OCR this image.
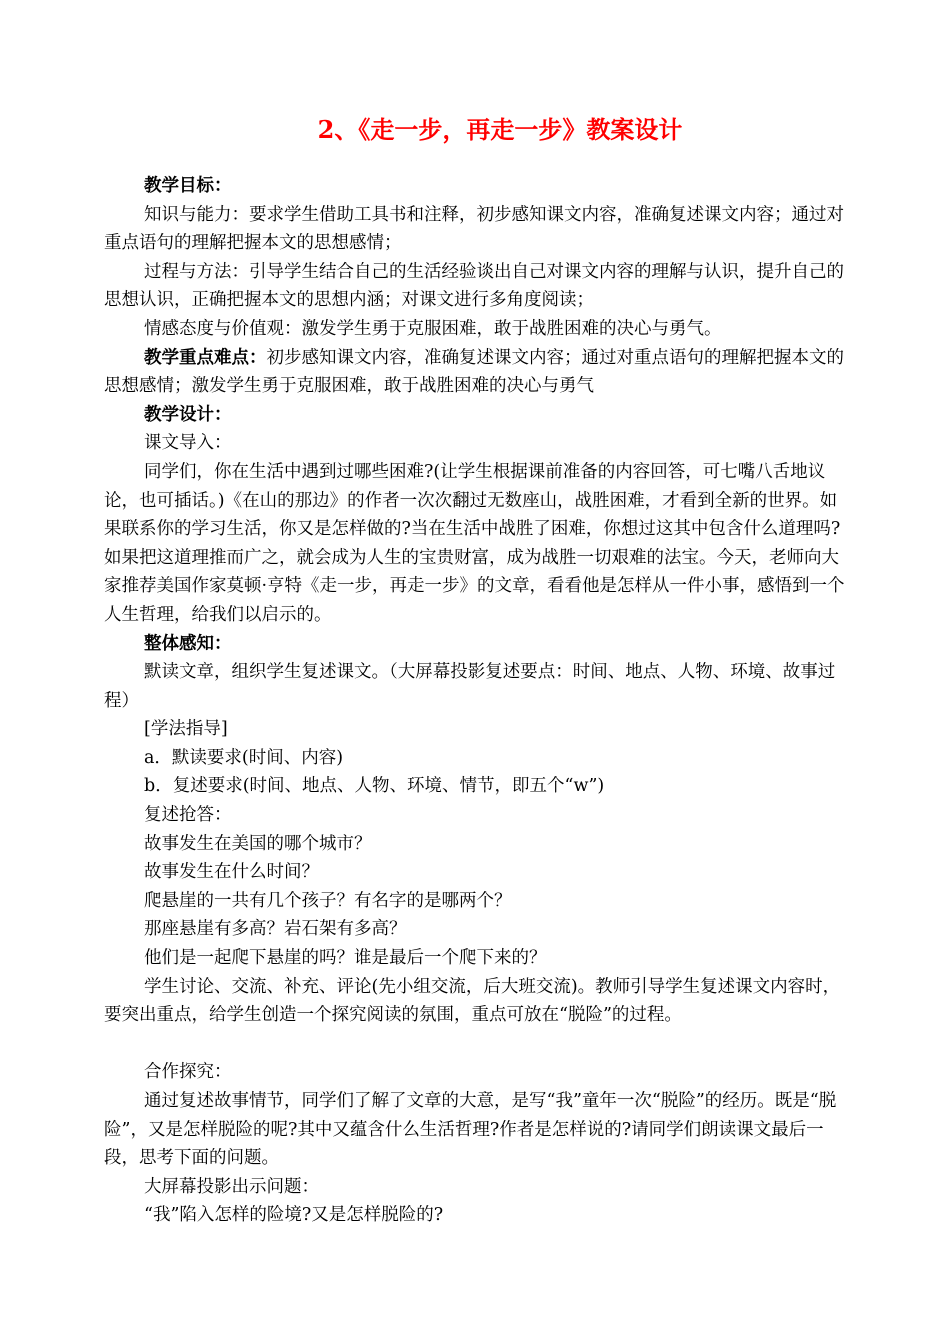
2、《走一步，再走一步》教案设计

教学目标：

知识与能力：要求学生借助工具书和注释，初步感知课文内容，准确复述课文内容；通过对重点语句的理解把握本文的思想感情；

过程与方法：引导学生结合自己的生活经验谈出自己对课文内容的理解与认识，提升自己的思想认识，正确把握本文的思想内涵；对课文进行多角度阅读；

情感态度与价值观：激发学生勇于克服困难，敢于战胜困难的决心与勇气。

教学重点难点：初步感知课文内容，准确复述课文内容；通过对重点语句的理解把握本文的思想感情；激发学生勇于克服困难，敢于战胜困难的决心与勇气

教学设计：

课文导入：

同学们，你在生活中遇到过哪些困难?(让学生根据课前准备的内容回答，可七嘴八舌地议论，也可插话。)《在山的那边》的作者一次次翻过无数座山，战胜困难，才看到全新的世界。如果联系你的学习生活，你又是怎样做的?当在生活中战胜了困难，你想过这其中包含什么道理吗?如果把这道理推而广之，就会成为人生的宝贵财富，成为战胜一切艰难的法宝。今天，老师向大家推荐美国作家莫顿·亨特《走一步，再走一步》的文章，看看他是怎样从一件小事，感悟到一个人生哲理，给我们以启示的。

整体感知：

默读文章，组织学生复述课文。（大屏幕投影复述要点：时间、地点、人物、环境、故事过程）

[学法指导]

a．默读要求(时间、内容)

b．复述要求(时间、地点、人物、环境、情节，即五个“w”)

复述抢答：

故事发生在美国的哪个城市？

故事发生在什么时间？

爬悬崖的一共有几个孩子？有名字的是哪两个？

那座悬崖有多高？岩石架有多高？

他们是一起爬下悬崖的吗？谁是最后一个爬下来的？

学生讨论、交流、补充、评论(先小组交流，后大班交流)。教师引导学生复述课文内容时，要突出重点，给学生创造一个探究阅读的氛围，重点可放在“脱险”的过程。

合作探究：

通过复述故事情节，同学们了解了文章的大意，是写“我”童年一次“脱险”的经历。既是“脱险”，又是怎样脱险的呢?其中又蕴含什么生活哲理?作者是怎样说的?请同学们朗读课文最后一段，思考下面的问题。

大屏幕投影出示问题：

“我”陷入怎样的险境?又是怎样脱险的?
